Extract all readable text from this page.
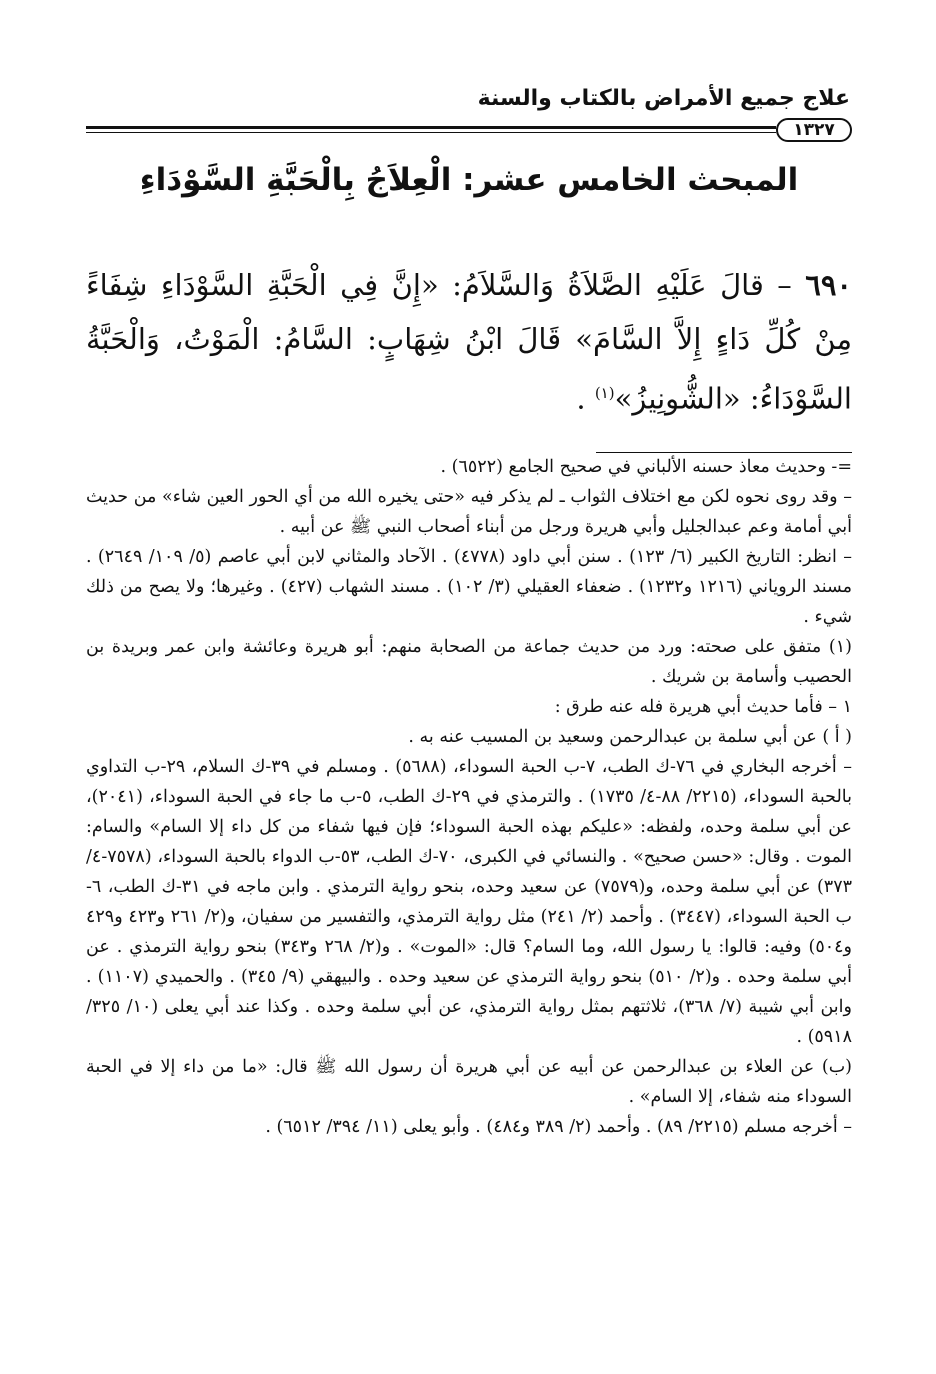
علاج جميع الأمراض بالكتاب والسنة
١٣٢٧
المبحث الخامس عشر: الْعِلاَجُ بِالْحَبَّةِ السَّوْدَاءِ
٦٩٠ – قالَ عَلَيْهِ الصَّلاَةُ وَالسَّلاَمُ: «إِنَّ فِي الْحَبَّةِ السَّوْدَاءِ شِفَاءً مِنْ كُلِّ دَاءٍ إِلاَّ السَّامَ» قَالَ ابْنُ شِهَابٍ: السَّامُ: الْمَوْتُ، وَالْحَبَّةُ السَّوْدَاءُ: «الشُّونِيزُ»$^{(١)}$ .

=- وحديث معاذ حسنه الألباني في صحيح الجامع (٦٥٢٢) .

– وقد روى نحوه لكن مع اختلاف الثواب ـ لم يذكر فيه «حتى يخيره الله من أي الحور العين شاء» من حديث أبي أمامة وعم عبدالجليل وأبي هريرة ورجل من أبناء أصحاب النبي ﷺ عن أبيه .

– انظر: التاريخ الكبير (٦/ ١٢٣) . سنن أبي داود (٤٧٧٨) . الآحاد والمثاني لابن أبي عاصم (٥/ ١٠٩/ ٢٦٤٩) . مسند الروياني (١٢١٦ و١٢٣٢) . ضعفاء العقيلي (٣/ ١٠٢) . مسند الشهاب (٤٢٧) . وغيرها؛ ولا يصح من ذلك شيء .

(١) متفق على صحته: ورد من حديث جماعة من الصحابة منهم: أبو هريرة وعائشة وابن عمر وبريدة بن الحصيب وأسامة بن شريك .

١ – فأما حديث أبي هريرة فله عنه طرق :

( أ ) عن أبي سلمة بن عبدالرحمن وسعيد بن المسيب عنه به .

– أخرجه البخاري في ٧٦-ك الطب، ٧-ب الحبة السوداء، (٥٦٨٨) . ومسلم في ٣٩-ك السلام، ٢٩-ب التداوي بالحبة السوداء، (٢٢١٥/ ٨٨-٤/ ١٧٣٥) . والترمذي في ٢٩-ك الطب، ٥-ب ما جاء في الحبة السوداء، (٢٠٤١)، عن أبي سلمة وحده، ولفظه: «عليكم بهذه الحبة السوداء؛ فإن فيها شفاء من كل داء إلا السام» والسام: الموت . وقال: «حسن صحيح» . والنسائي في الكبرى، ٧٠-ك الطب، ٥٣-ب الدواء بالحبة السوداء، (٧٥٧٨-٤/ ٣٧٣) عن أبي سلمة وحده، و(٧٥٧٩) عن سعيد وحده، بنحو رواية الترمذي . وابن ماجه في ٣١-ك الطب، ٦-ب الحبة السوداء، (٣٤٤٧) . وأحمد (٢/ ٢٤١) مثل رواية الترمذي، والتفسير من سفيان، و(٢/ ٢٦١ و٤٢٣ و٤٢٩ و٥٠٤) وفيه: قالوا: يا رسول الله، وما السام؟ قال: «الموت» . و(٢/ ٢٦٨ و٣٤٣) بنحو رواية الترمذي . عن أبي سلمة وحده . و(٢/ ٥١٠) بنحو رواية الترمذي عن سعيد وحده . والبيهقي (٩/ ٣٤٥) . والحميدي (١١٠٧) . وابن أبي شيبة (٧/ ٣٦٨)، ثلاثتهم بمثل رواية الترمذي، عن أبي سلمة وحده . وكذا عند أبي يعلى (١٠/ ٣٢٥/ ٥٩١٨) .

(ب) عن العلاء بن عبدالرحمن عن أبيه عن أبي هريرة أن رسول الله ﷺ قال: «ما من داء إلا في الحبة السوداء منه شفاء، إلا السام» .

– أخرجه مسلم (٢٢١٥/ ٨٩) . وأحمد (٢/ ٣٨٩ و٤٨٤) . وأبو يعلى (١١/ ٣٩٤/ ٦٥١٢) .
